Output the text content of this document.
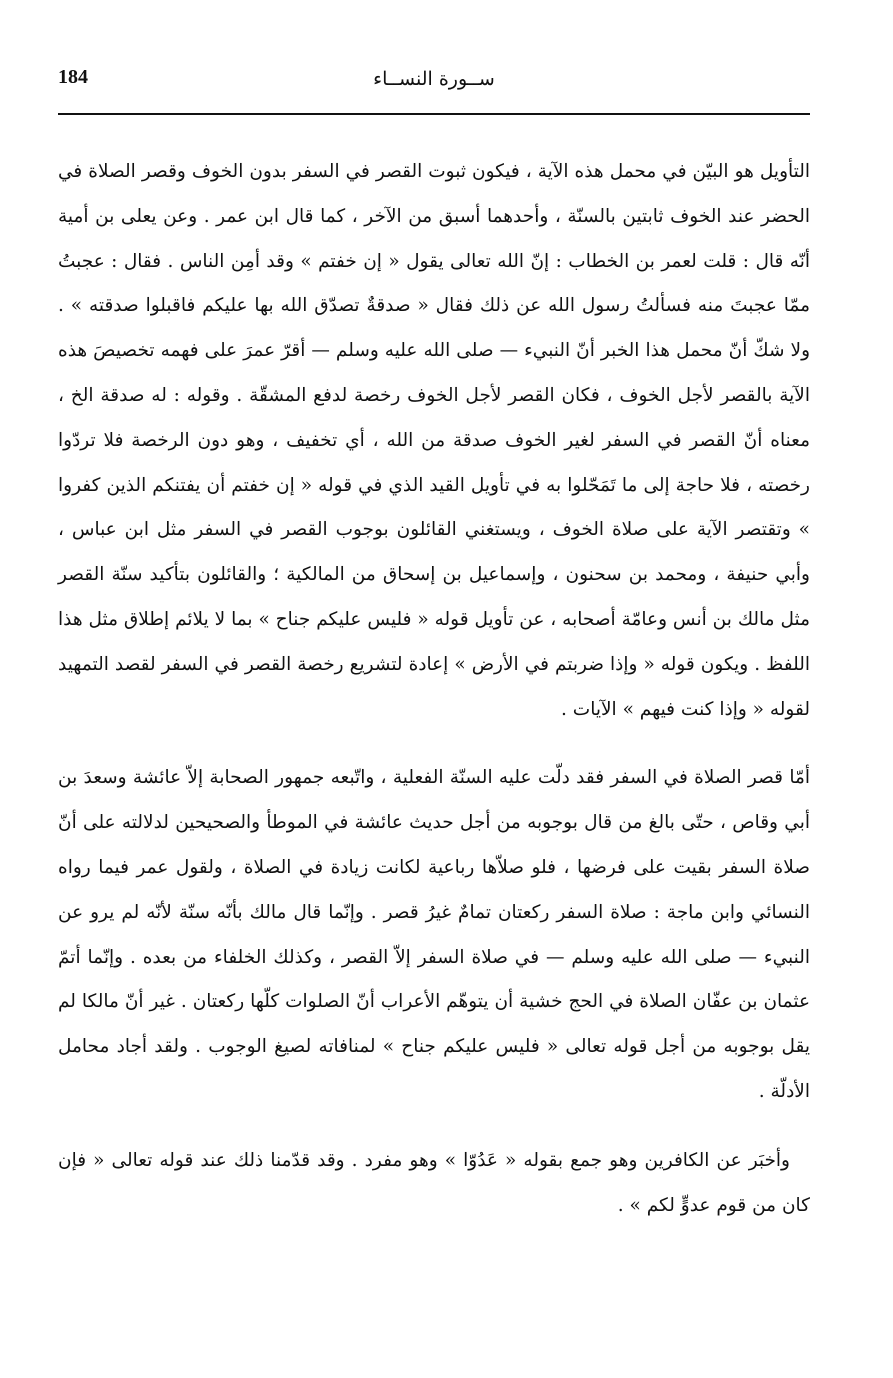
184	ســورة النســاء

التأويل هو البيّن في محمل هذه الآية ، فيكون ثبوت القصر في السفر بدون الخوف وقصر الصلاة في الحضر عند الخوف ثابتين بالسنّة ، وأحدهما أسبق من الآخر ، كما قال ابن عمر . وعن يعلى بن أمية أنّه قال : قلت لعمر بن الخطاب : إنّ الله تعالى يقول « إن خفتم » وقد أمِن الناس . فقال : عجبتُ ممّا عجبتَ منه فسألتُ رسول الله عن ذلك فقال « صدقةٌ تصدّق الله بها عليكم فاقبلوا صدقته » . ولا شكّ أنّ محمل هذا الخبر أنّ النبيء — صلى الله عليه وسلم — أقرّ عمرَ على فهمه تخصيصَ هذه الآية بالقصر لأجل الخوف ، فكان القصر لأجل الخوف رخصة لدفع المشقّة . وقوله : له صدقة الخ ، معناه أنّ القصر في السفر لغير الخوف صدقة من الله ، أي تخفيف ، وهو دون الرخصة فلا تردّوا رخصته ، فلا حاجة إلى ما تَمَحّلوا به في تأويل القيد الذي في قوله « إن خفتم أن يفتنكم الذين كفروا » وتقتصر الآية على صلاة الخوف ، ويستغني القائلون بوجوب القصر في السفر مثل ابن عباس ، وأبي حنيفة ، ومحمد بن سحنون ، وإسماعيل بن إسحاق من المالكية ؛ والقائلون بتأكيد سنّة القصر مثل مالك بن أنس وعامّة أصحابه ، عن تأويل قوله « فليس عليكم جناح » بما لا يلائم إطلاق مثل هذا اللفظ . ويكون قوله « وإذا ضربتم في الأرض » إعادة لتشريع رخصة القصر في السفر لقصد التمهيد لقوله « وإذا كنت فيهم » الآيات .

أمّا قصر الصلاة في السفر فقد دلّت عليه السنّة الفعلية ، واتّبعه جمهور الصحابة إلاّ عائشة وسعدَ بن أبي وقاص ، حتّى بالغ من قال بوجوبه من أجل حديث عائشة في الموطأ والصحيحين لدلالته على أنّ صلاة السفر بقيت على فرضها ، فلو صلاّها رباعية لكانت زيادة في الصلاة ، ولقول عمر فيما رواه النسائي وابن ماجة : صلاة السفر ركعتان تمامٌ غيرُ قصر . وإنّما قال مالك بأنّه سنّة لأنّه لم يرو عن النبيء — صلى الله عليه وسلم — في صلاة السفر إلاّ القصر ، وكذلك الخلفاء من بعده . وإنّما أتمّ عثمان بن عفّان الصلاة في الحج خشية أن يتوهّم الأعراب أنّ الصلوات كلّها ركعتان . غير أنّ مالكا لم يقل بوجوبه من أجل قوله تعالى « فليس عليكم جناح » لمنافاته لصيغ الوجوب . ولقد أجاد محامل الأدلّة .

وأخبَر عن الكافرين وهو جمع بقوله « عَدُوّا » وهو مفرد . وقد قدّمنا ذلك عند قوله تعالى « فإن كان من قوم عدوٍّ لكم » .
